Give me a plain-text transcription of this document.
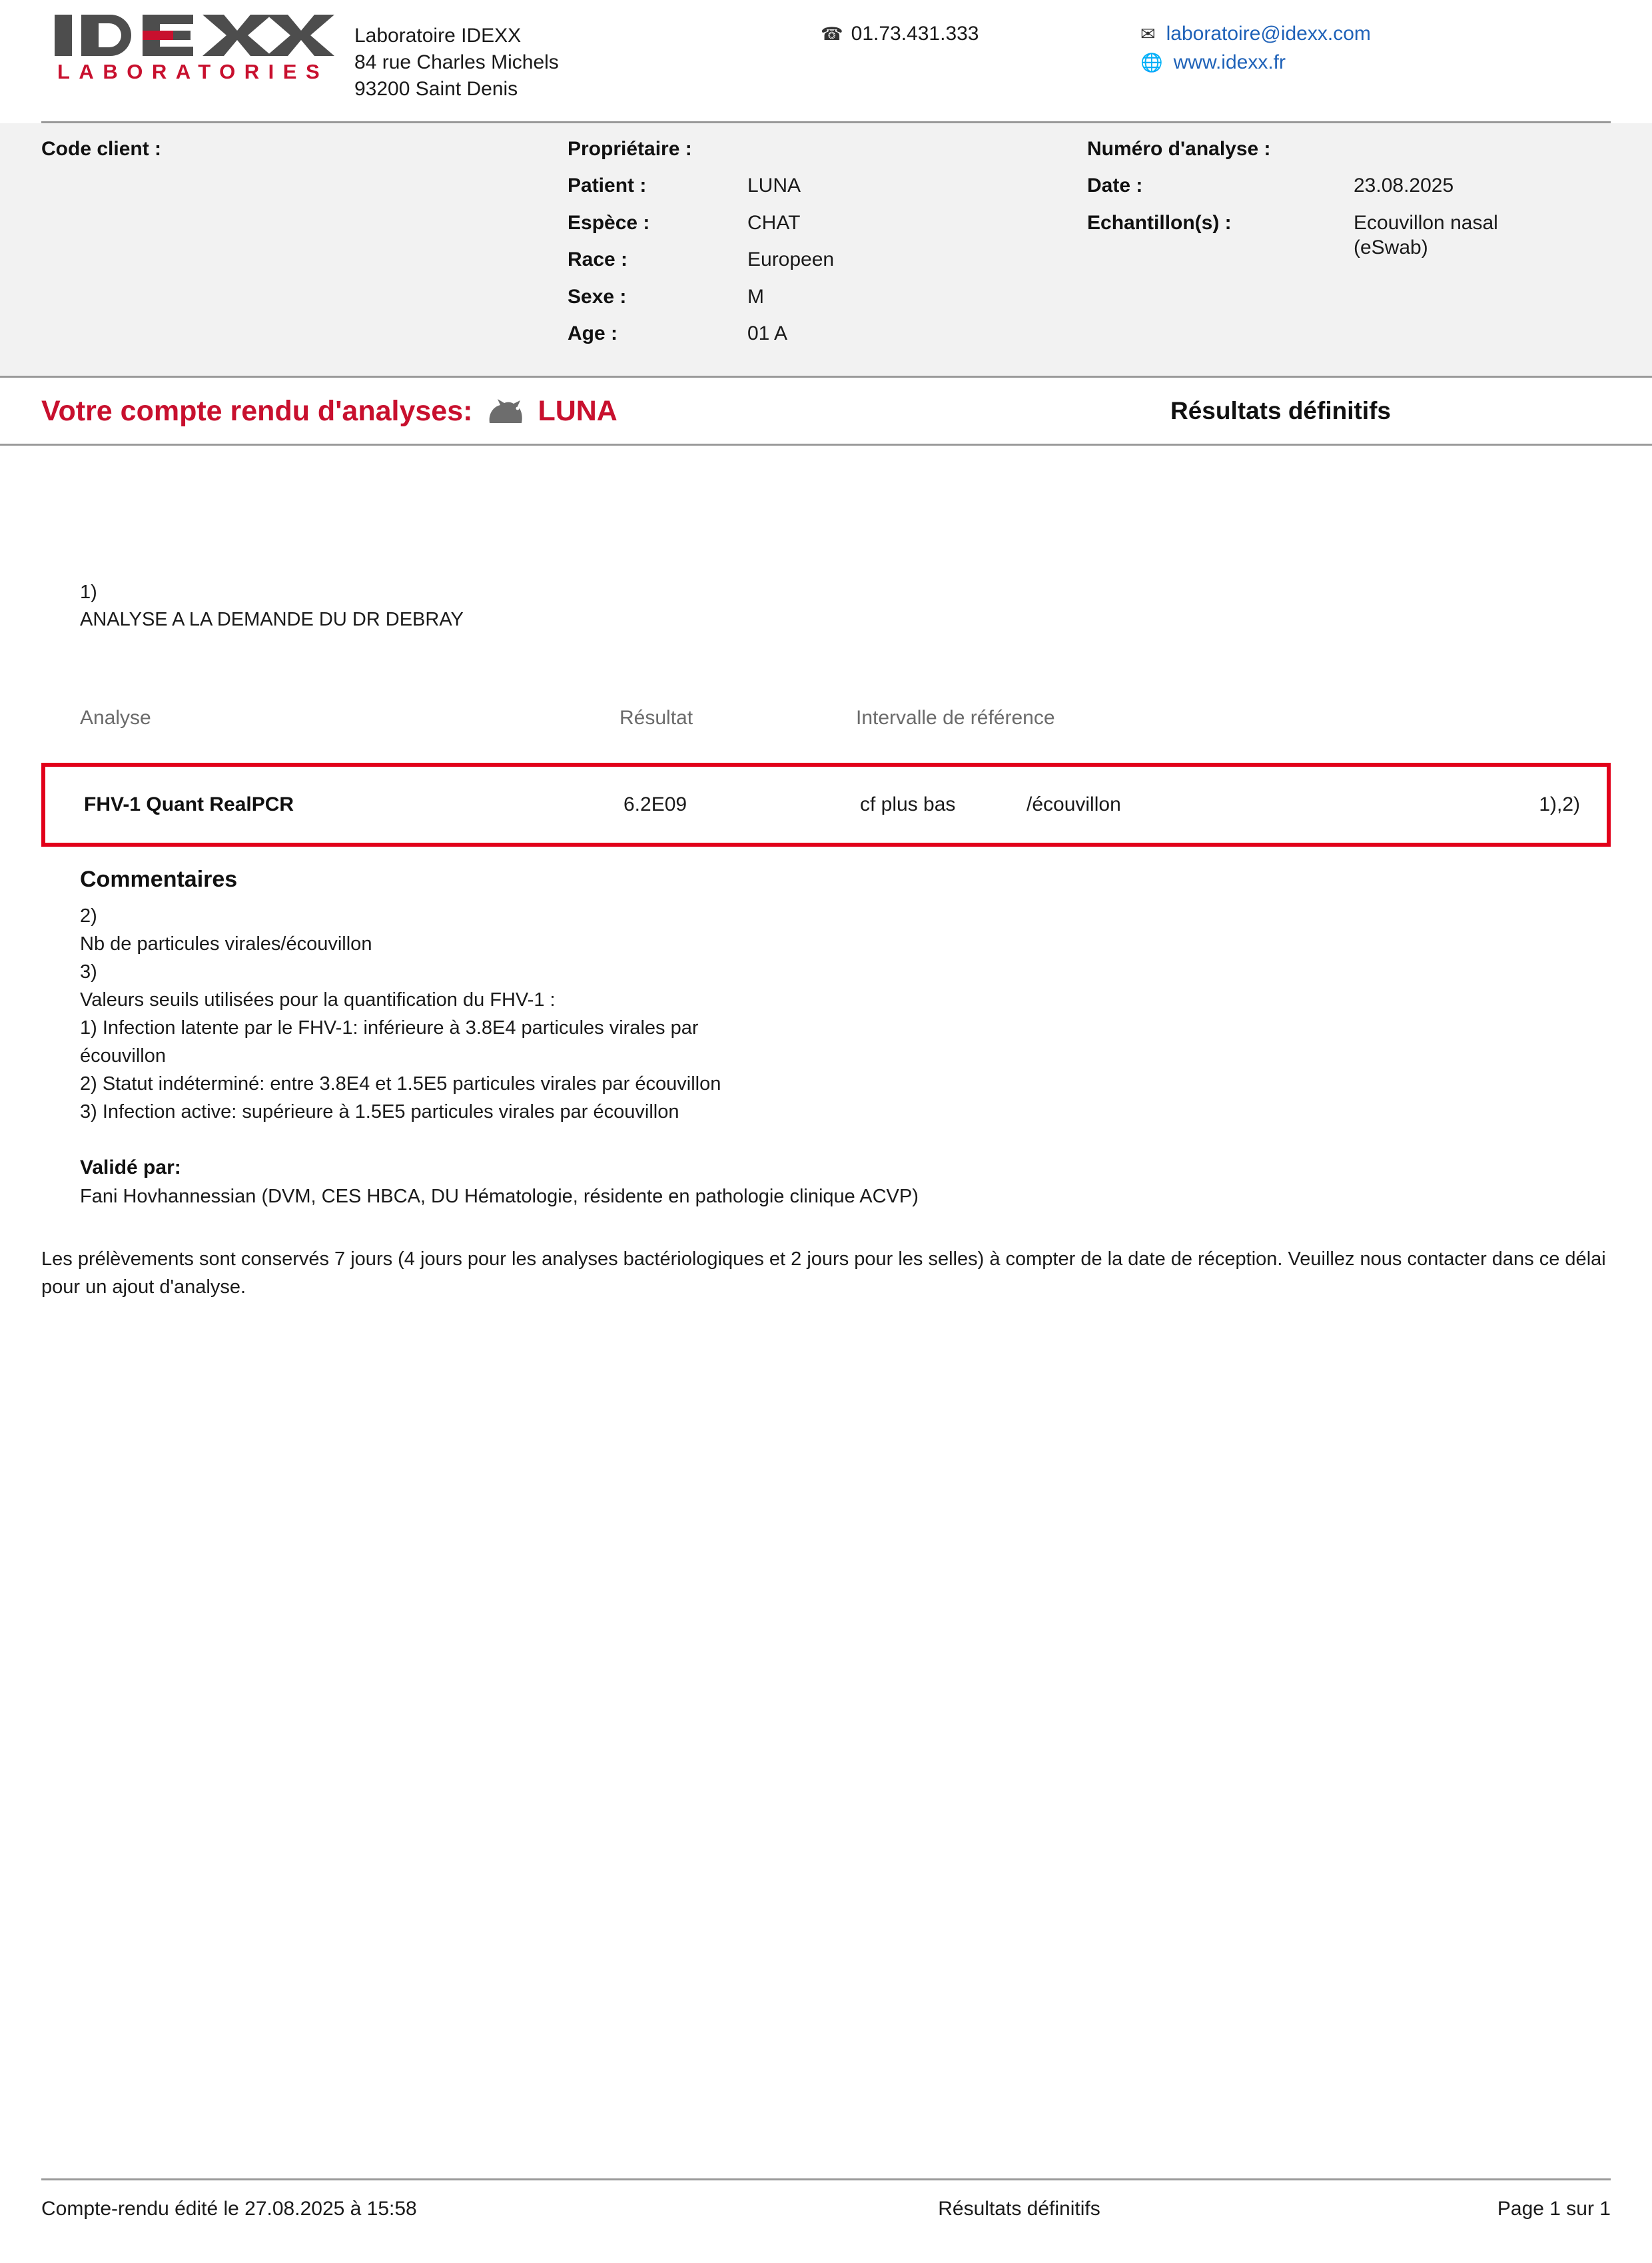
LABORATORIES
Laboratoire IDEXX
84 rue Charles Michels
93200 Saint Denis
☎ 01.73.431.333	✉ laboratoire@idexx.com
🌐 www.idexx.fr
Code client :	Propriétaire :
Patient :	LUNA
Espèce :	CHAT
Race :	Europeen
Sexe :	M
Age :	01 A
Numéro d'analyse :
Date :	23.08.2025
Echantillon(s) :	Ecouvillon nasal
(eSwab)
Votre compte rendu d'analyses: LUNA	Résultats définitifs
1)
ANALYSE A LA DEMANDE DU DR DEBRAY
Analyse	Résultat	Intervalle de référence
FHV-1 Quant RealPCR	6.2E09	cf plus bas	/écouvillon	1),2)
Commentaires

2)

Nb de particules virales/écouvillon

3)

Valeurs seuils utilisées pour la quantification du FHV-1 :

1) Infection latente par le FHV-1: inférieure à 3.8E4 particules virales par

écouvillon

2) Statut indéterminé: entre 3.8E4 et 1.5E5 particules virales par écouvillon

3) Infection active: supérieure à 1.5E5 particules virales par écouvillon

Validé par:
Fani Hovhannessian (DVM, CES HBCA, DU Hématologie, résidente en pathologie clinique ACVP)
Les prélèvements sont conservés 7 jours (4 jours pour les analyses bactériologiques et 2 jours pour les selles) à compter de la date de réception. Veuillez nous contacter dans ce délai pour un ajout d'analyse.
Compte-rendu édité le 27.08.2025 à 15:58	Résultats définitifs	Page 1 sur 1
